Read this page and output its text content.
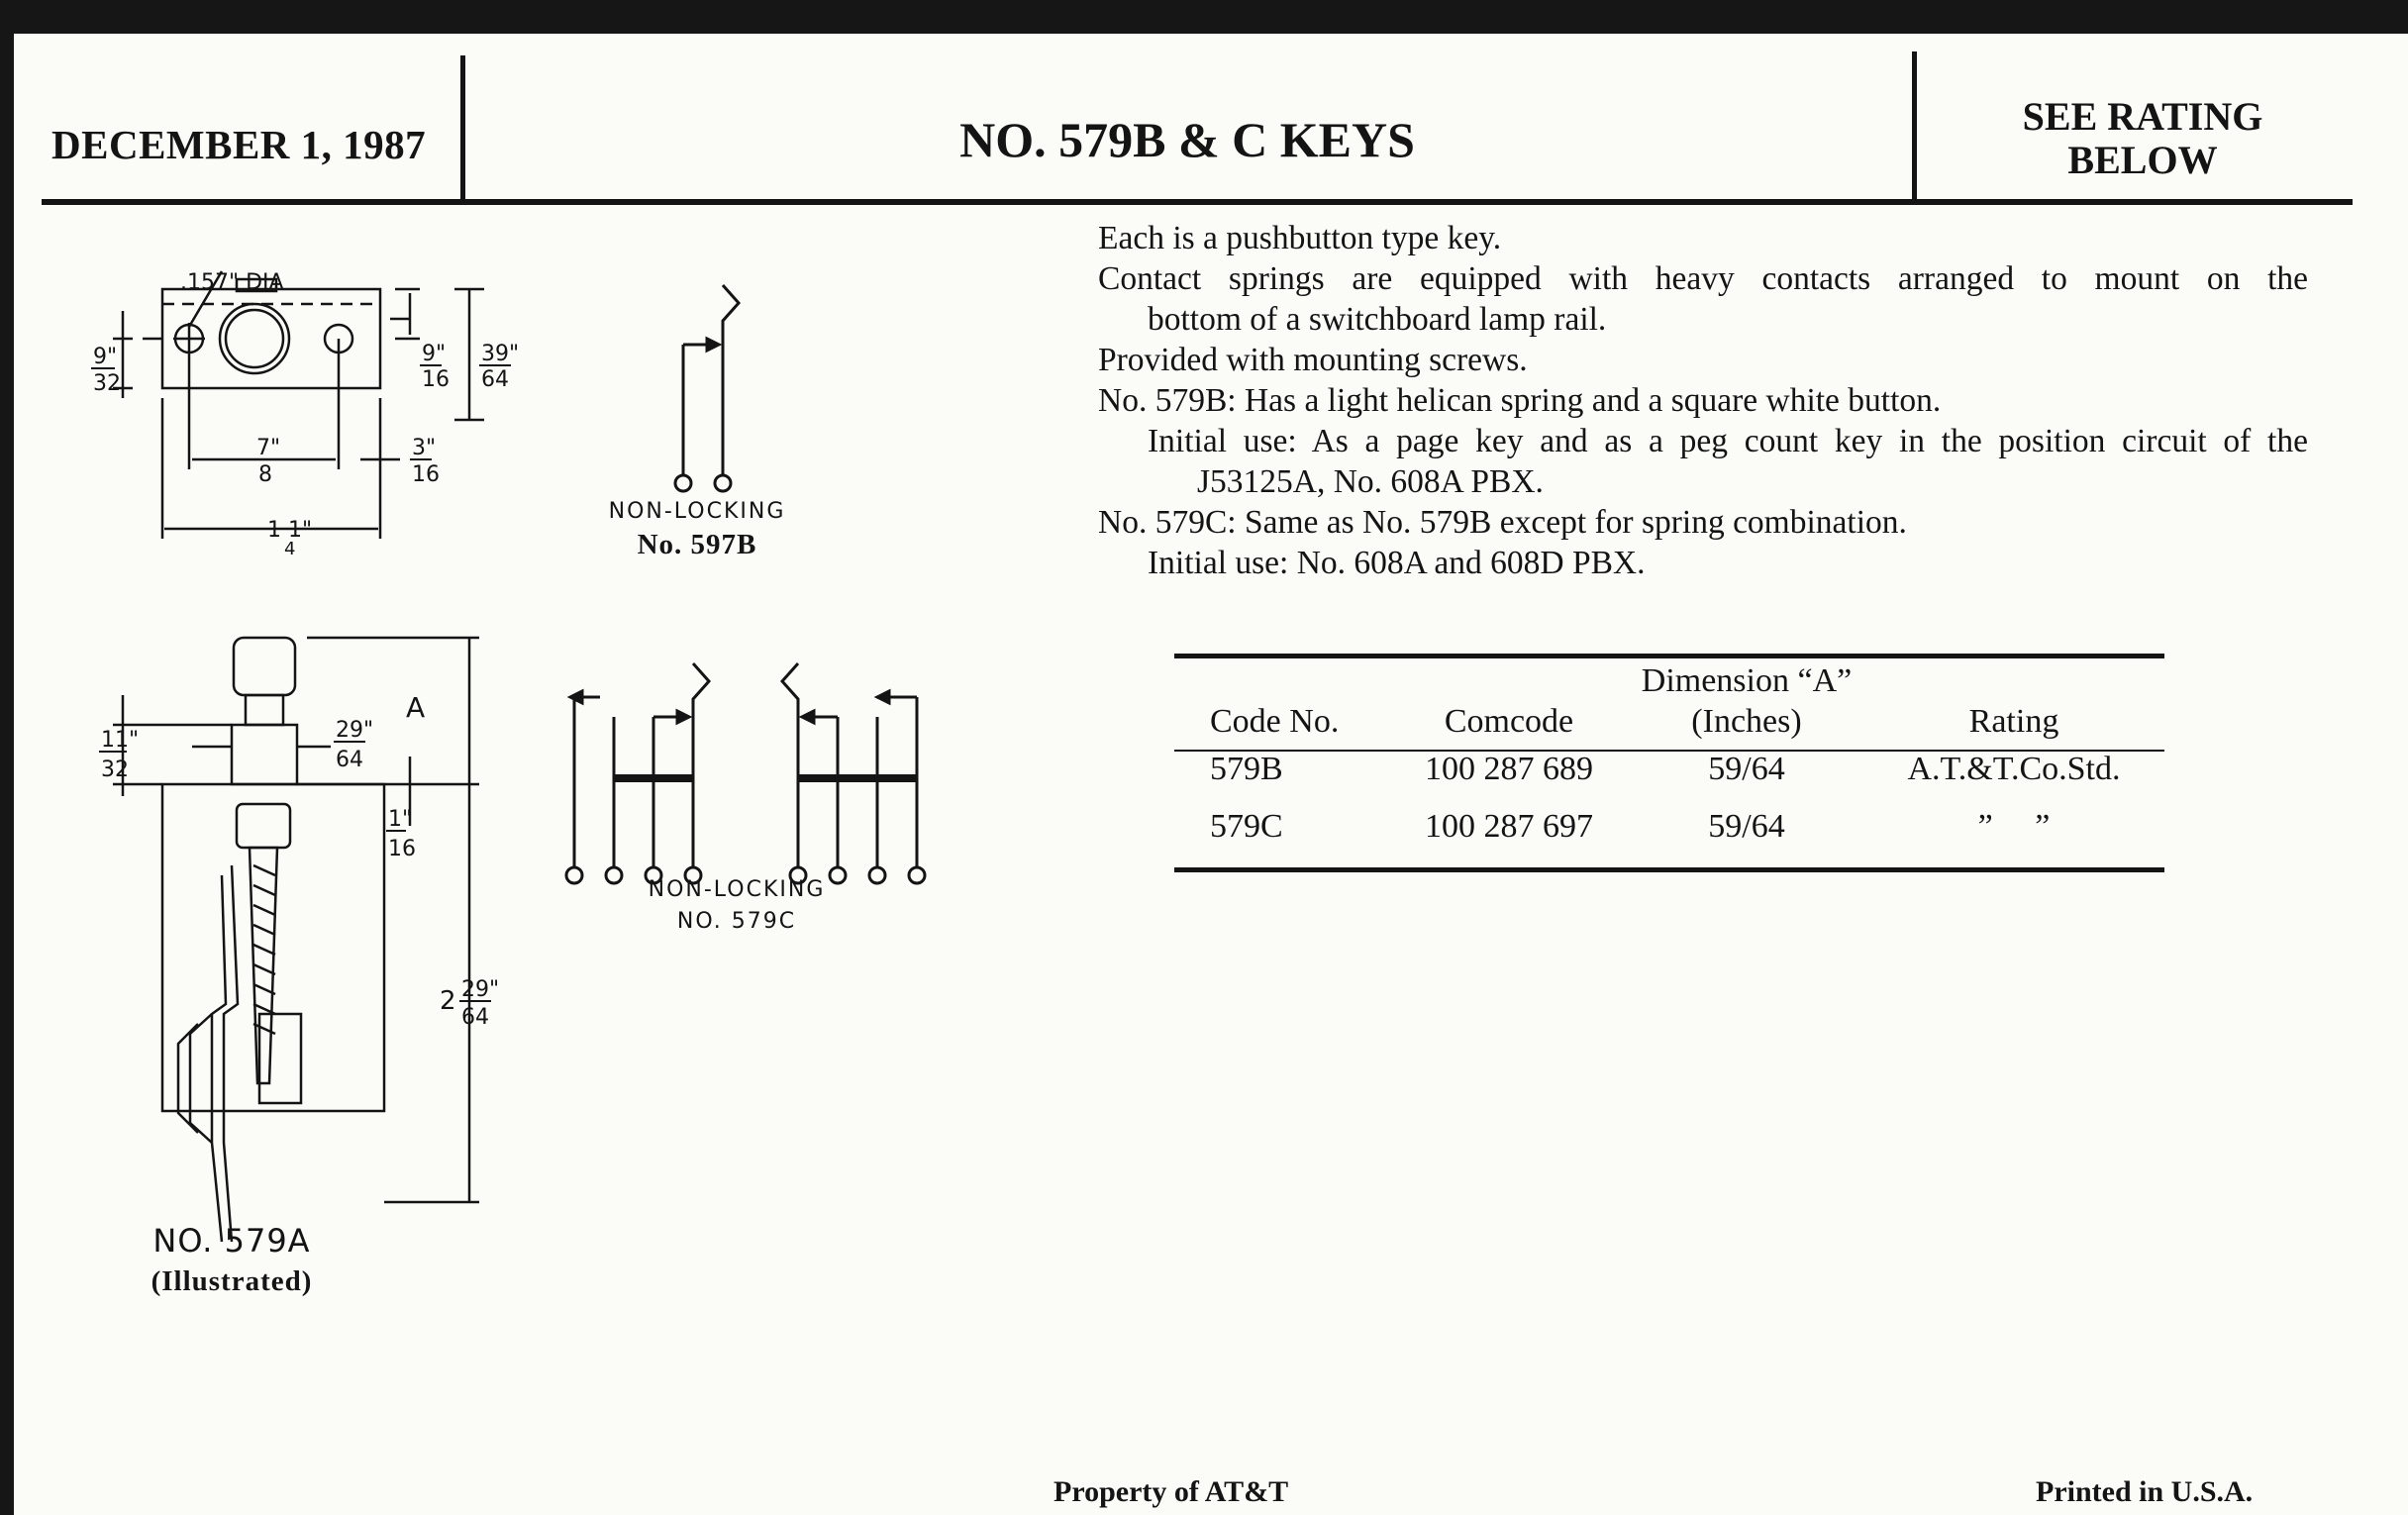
DECEMBER 1, 1987	NO. 579B & C KEYS	SEE RATING
BELOW

Each is a pushbutton type key.

Contact springs are equipped with heavy contacts arranged to mount on the

bottom of a switchboard lamp rail.

Provided with mounting screws.

No. 579B: Has a light helican spring and a square white button.

Initial use: As a page key and as a peg count key in the position circuit of the

J53125A, No. 608A PBX.

No. 579C: Same as No. 579B except for spring combination.

Initial use: No. 608A and 608D PBX.

Dimension “A”
Code No.	Comcode	(Inches)	Rating
579B	100 287 689	59/64	A.T.&T.Co.Std.
579C	100 287 697	59/64	”     ”
.157" DIA
9"
32
9"
16
39"
64
7"
8
3"
16
1 1"
4
NON-LOCKING
No. 597B
A
11"
32
29"
64
1"
16
2 29"
64
NO. 579A
(Illustrated)
NON-LOCKING
NO. 579C
Property of AT&T	Printed in U.S.A.
